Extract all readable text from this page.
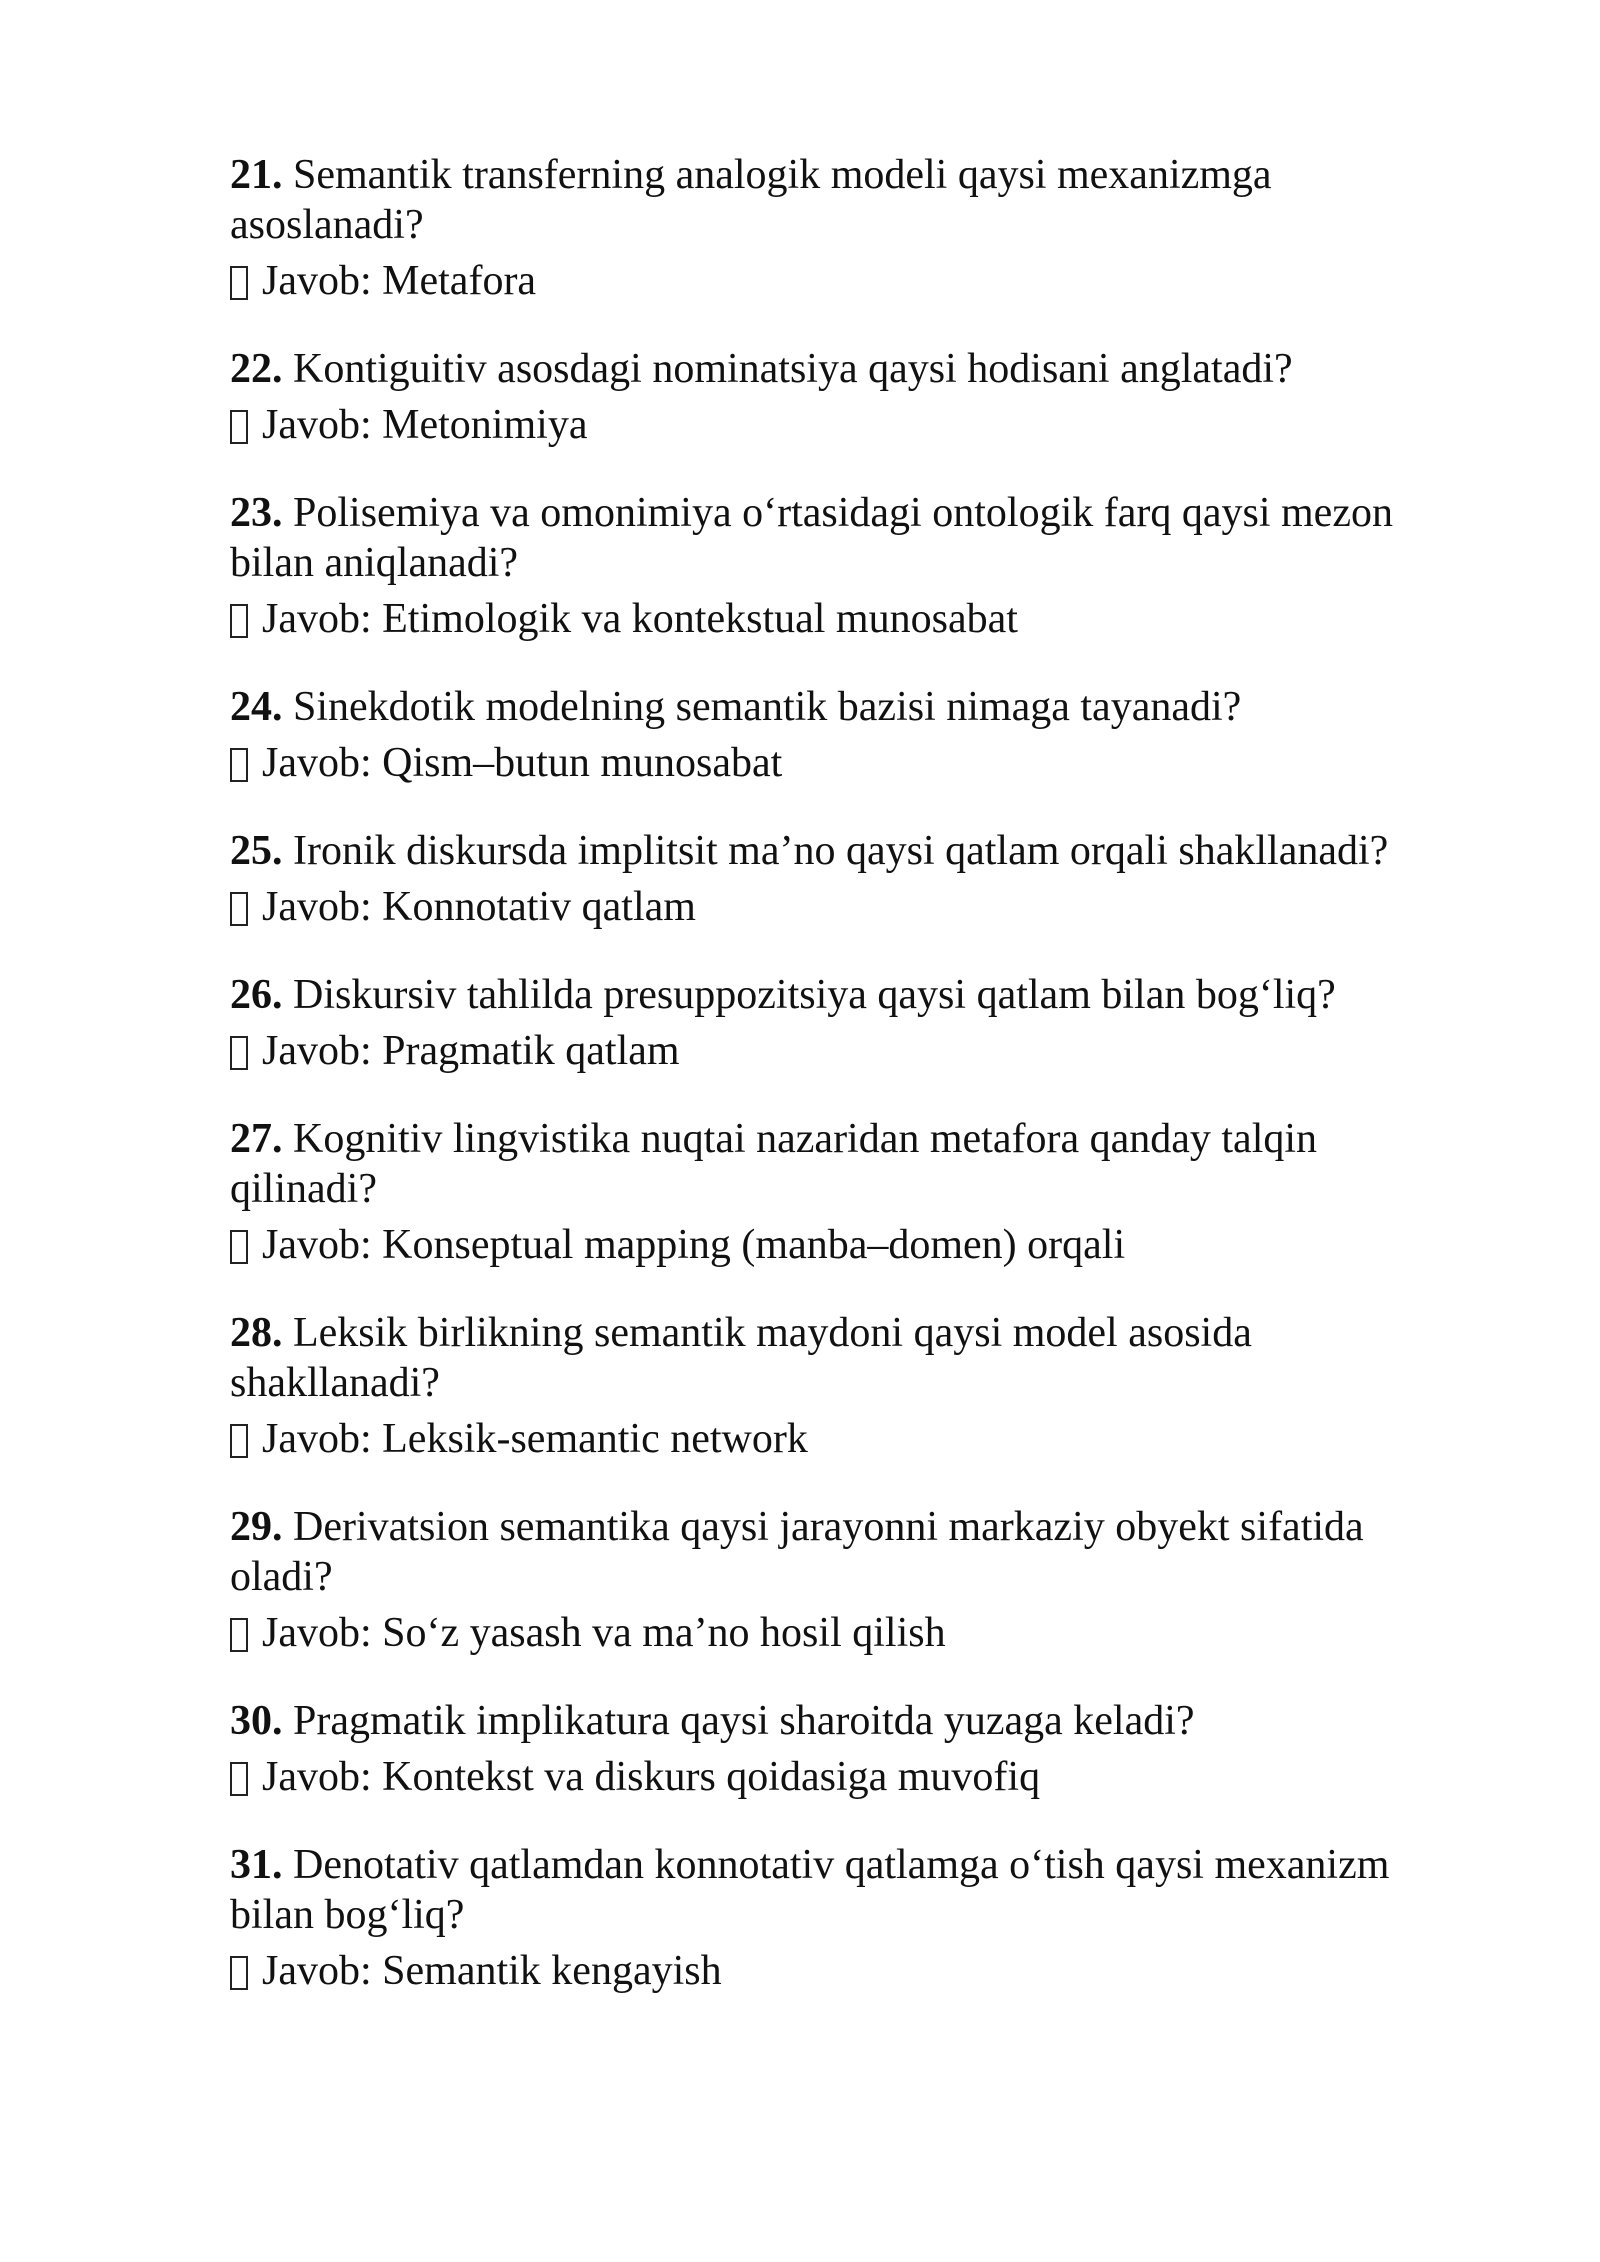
21. Semantik transferning analogik modeli qaysi mexanizmga asoslanadi?

Javob: Metafora

22. Kontiguitiv asosdagi nominatsiya qaysi hodisani anglatadi?

Javob: Metonimiya

23. Polisemiya va omonimiya o‘rtasidagi ontologik farq qaysi mezon bilan aniqlanadi?

Javob: Etimologik va kontekstual munosabat

24. Sinekdotik modelning semantik bazisi nimaga tayanadi?

Javob: Qism–butun munosabat

25. Ironik diskursda implitsit ma’no qaysi qatlam orqali shakllanadi?

Javob: Konnotativ qatlam

26. Diskursiv tahlilda presuppozitsiya qaysi qatlam bilan bog‘liq?

Javob: Pragmatik qatlam

27. Kognitiv lingvistika nuqtai nazaridan metafora qanday talqin qilinadi?

Javob: Konseptual mapping (manba–domen) orqali

28. Leksik birlikning semantik maydoni qaysi model asosida shakllanadi?

Javob: Leksik-semantic network

29. Derivatsion semantika qaysi jarayonni markaziy obyekt sifatida oladi?

Javob: So‘z yasash va ma’no hosil qilish

30. Pragmatik implikatura qaysi sharoitda yuzaga keladi?

Javob: Kontekst va diskurs qoidasiga muvofiq

31. Denotativ qatlamdan konnotativ qatlamga o‘tish qaysi mexanizm bilan bog‘liq?

Javob: Semantik kengayish
